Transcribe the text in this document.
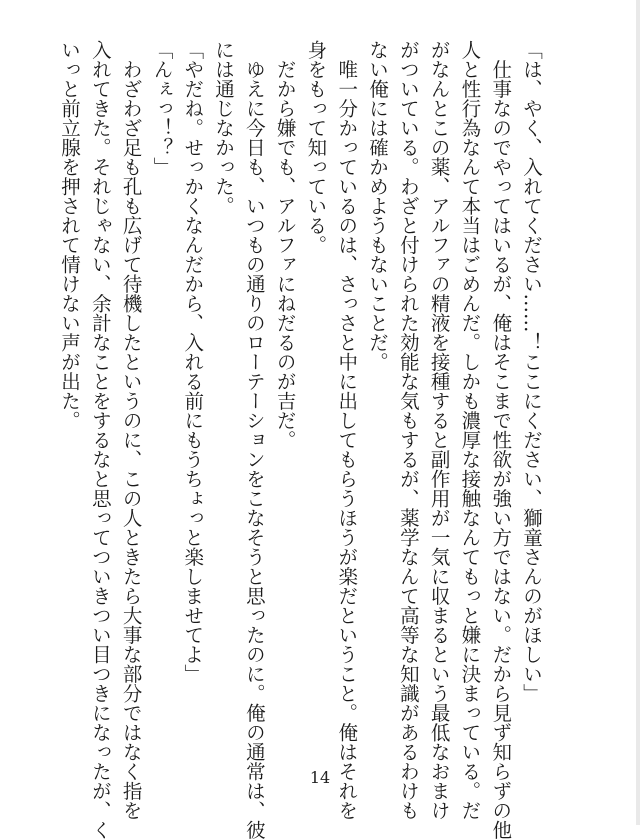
「は、やく、入れてください……！ここにください、獅童さんのがほしい」
　仕事なのでやってはいるが、俺はそこまで性欲が強い方ではない。だから見ず知らずの他
人と性行為なんて本当はごめんだ。しかも濃厚な接触なんてもっと嫌に決まっている。だ
がなんとこの薬、アルファの精液を接種すると副作用が一気に収まるという最低なおまけ
がついている。わざと付けられた効能な気もするが、薬学なんて高等な知識があるわけも
ない俺には確かめようもないことだ。
　唯一分かっているのは、さっさと中に出してもらうほうが楽だということ。俺はそれを
身をもって知っている。
　だから嫌でも、アルファにねだるのが吉だ。
　ゆえに今日も、いつもの通りのローテーションをこなそうと思ったのに。俺の通常は、彼
には通じなかった。
「やだね。せっかくなんだから、入れる前にもうちょっと楽しませてよ」
「んぇっ！？」
　わざわざ足も孔も広げて待機したというのに、この人ときたら大事な部分ではなく指を
入れてきた。それじゃない、余計なことをするなと思ってついきつい目つきになったが、く
いっと前立腺を押されて情けない声が出た。
14
